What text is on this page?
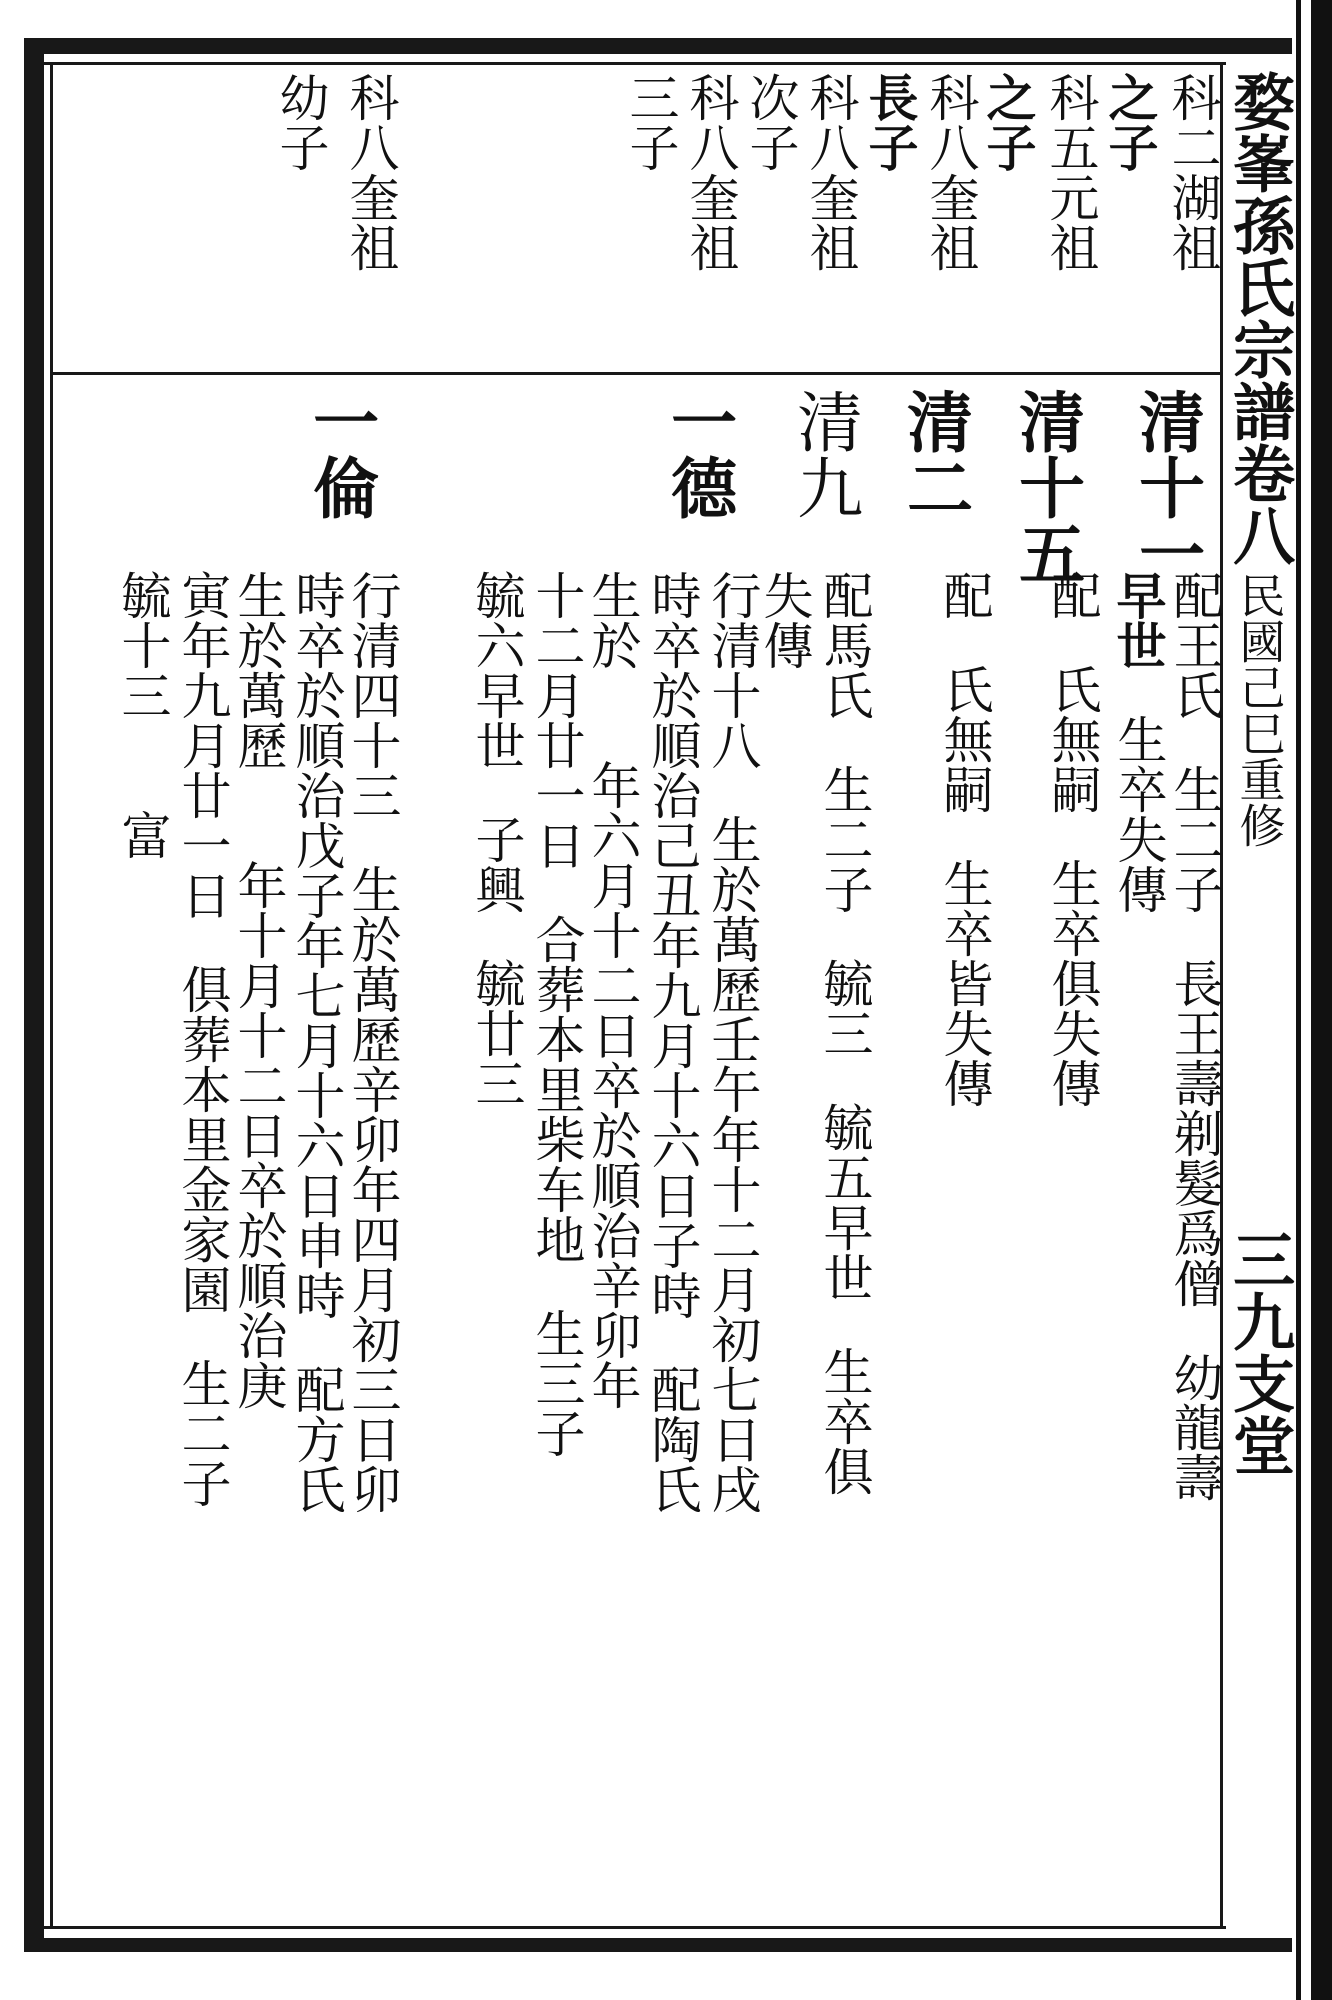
婺峯孫氏宗譜
卷八
民國己巳重修
三九
支堂
科二湖祖
之子
科五元祖
之子
科八奎祖
長子
科八奎祖
次子
科八奎祖
三子
科八奎祖
幼子
清十一
配王氏
生二子
長王壽剃髮爲僧
幼龍壽
早世
生卒失傳
清十五
配
氏無嗣
生卒俱失傳
清二
配
氏無嗣
生卒皆失傳
清九
配馬氏
生二子
毓三
毓五早世
生卒俱
失傳
一德
行清十八
生於萬歷壬午年十二月初七日戌
時卒於順治己丑年九月十六日子時
配陶氏
生於
年六月十二日卒於順治辛卯年
十二月廿一日
合葬本里柴车地
生三子
毓六早世
子興
毓廿三
一倫
行清四十三
生於萬歷辛卯年四月初三日卯
時卒於順治戊子年七月十六日申時
配方氏
生於萬歷
年十月十二日卒於順治庚
寅年九月廿一日
俱葬本里金家園
生二子
毓十三
富
